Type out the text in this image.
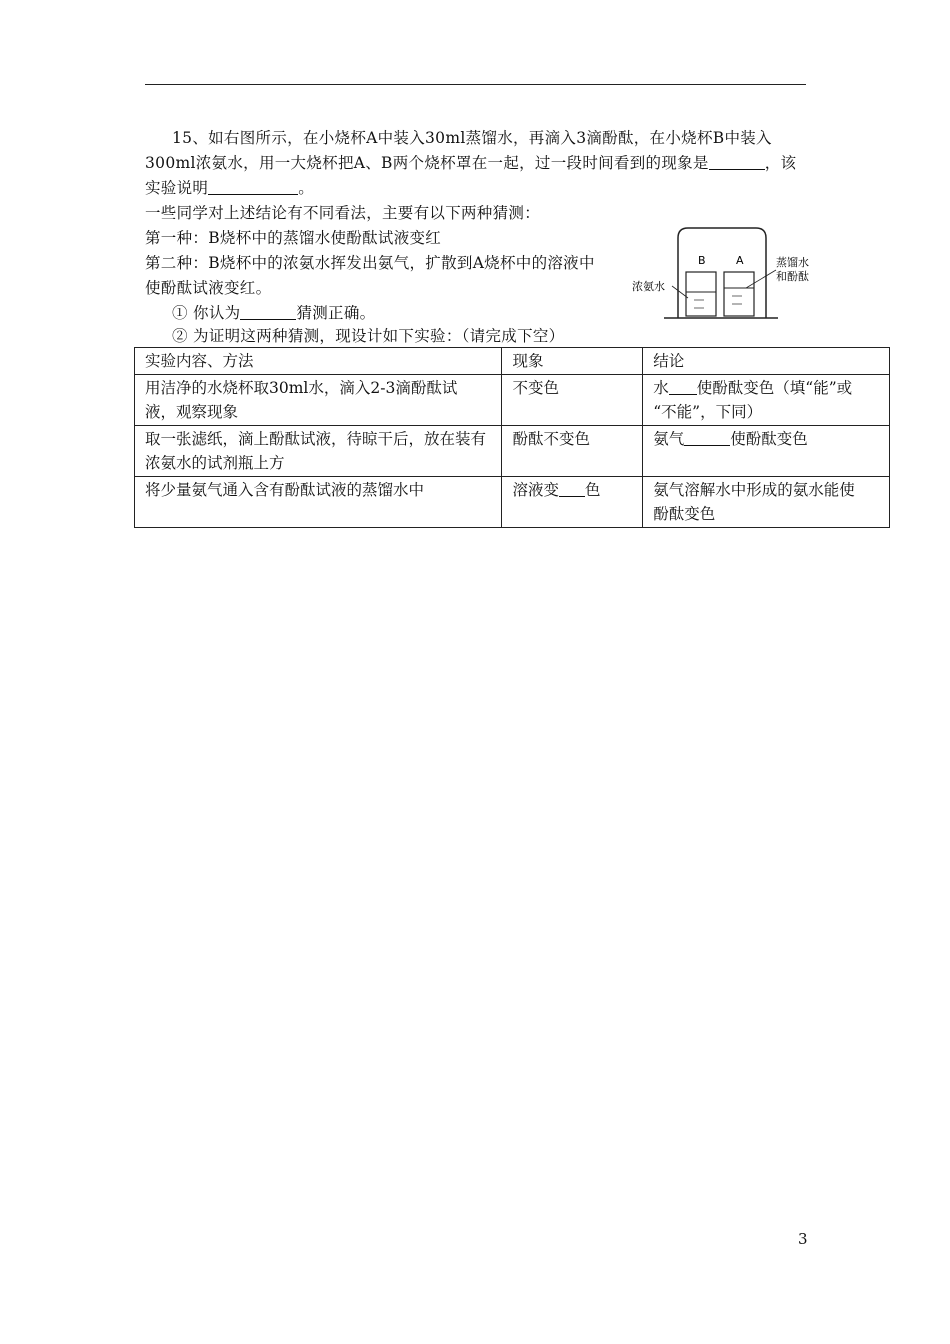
15、如右图所示，在小烧杯A中装入30ml蒸馏水，再滴入3滴酚酞，在小烧杯B中装入
300ml浓氨水，用一大烧杯把A、B两个烧杯罩在一起，过一段时间看到的现象是	，该
实验说明	。
一些同学对上述结论有不同看法，主要有以下两种猜测：
第一种：B烧杯中的蒸馏水使酚酞试液变红
第二种：B烧杯中的浓氨水挥发出氨气，扩散到A烧杯中的溶液中
使酚酞试液变红。
① 你认为	猜测正确。
② 为证明这两种猜测，现设计如下实验：（请完成下空）
B	A
浓氨水
蒸馏水
和酚酞
实验内容、方法	现象	结论
用洁净的水烧杯取30ml水，滴入2-3滴酚酞试
液，观察现象	不变色	水 使酚酞变色（填“能”或
“不能”，下同）
取一张滤纸，滴上酚酞试液，待晾干后，放在装有
浓氨水的试剂瓶上方	酚酞不变色	氨气 使酚酞变色
将少量氨气通入含有酚酞试液的蒸馏水中	溶液变 色	氨气溶解水中形成的氨水能使
酚酞变色
3
